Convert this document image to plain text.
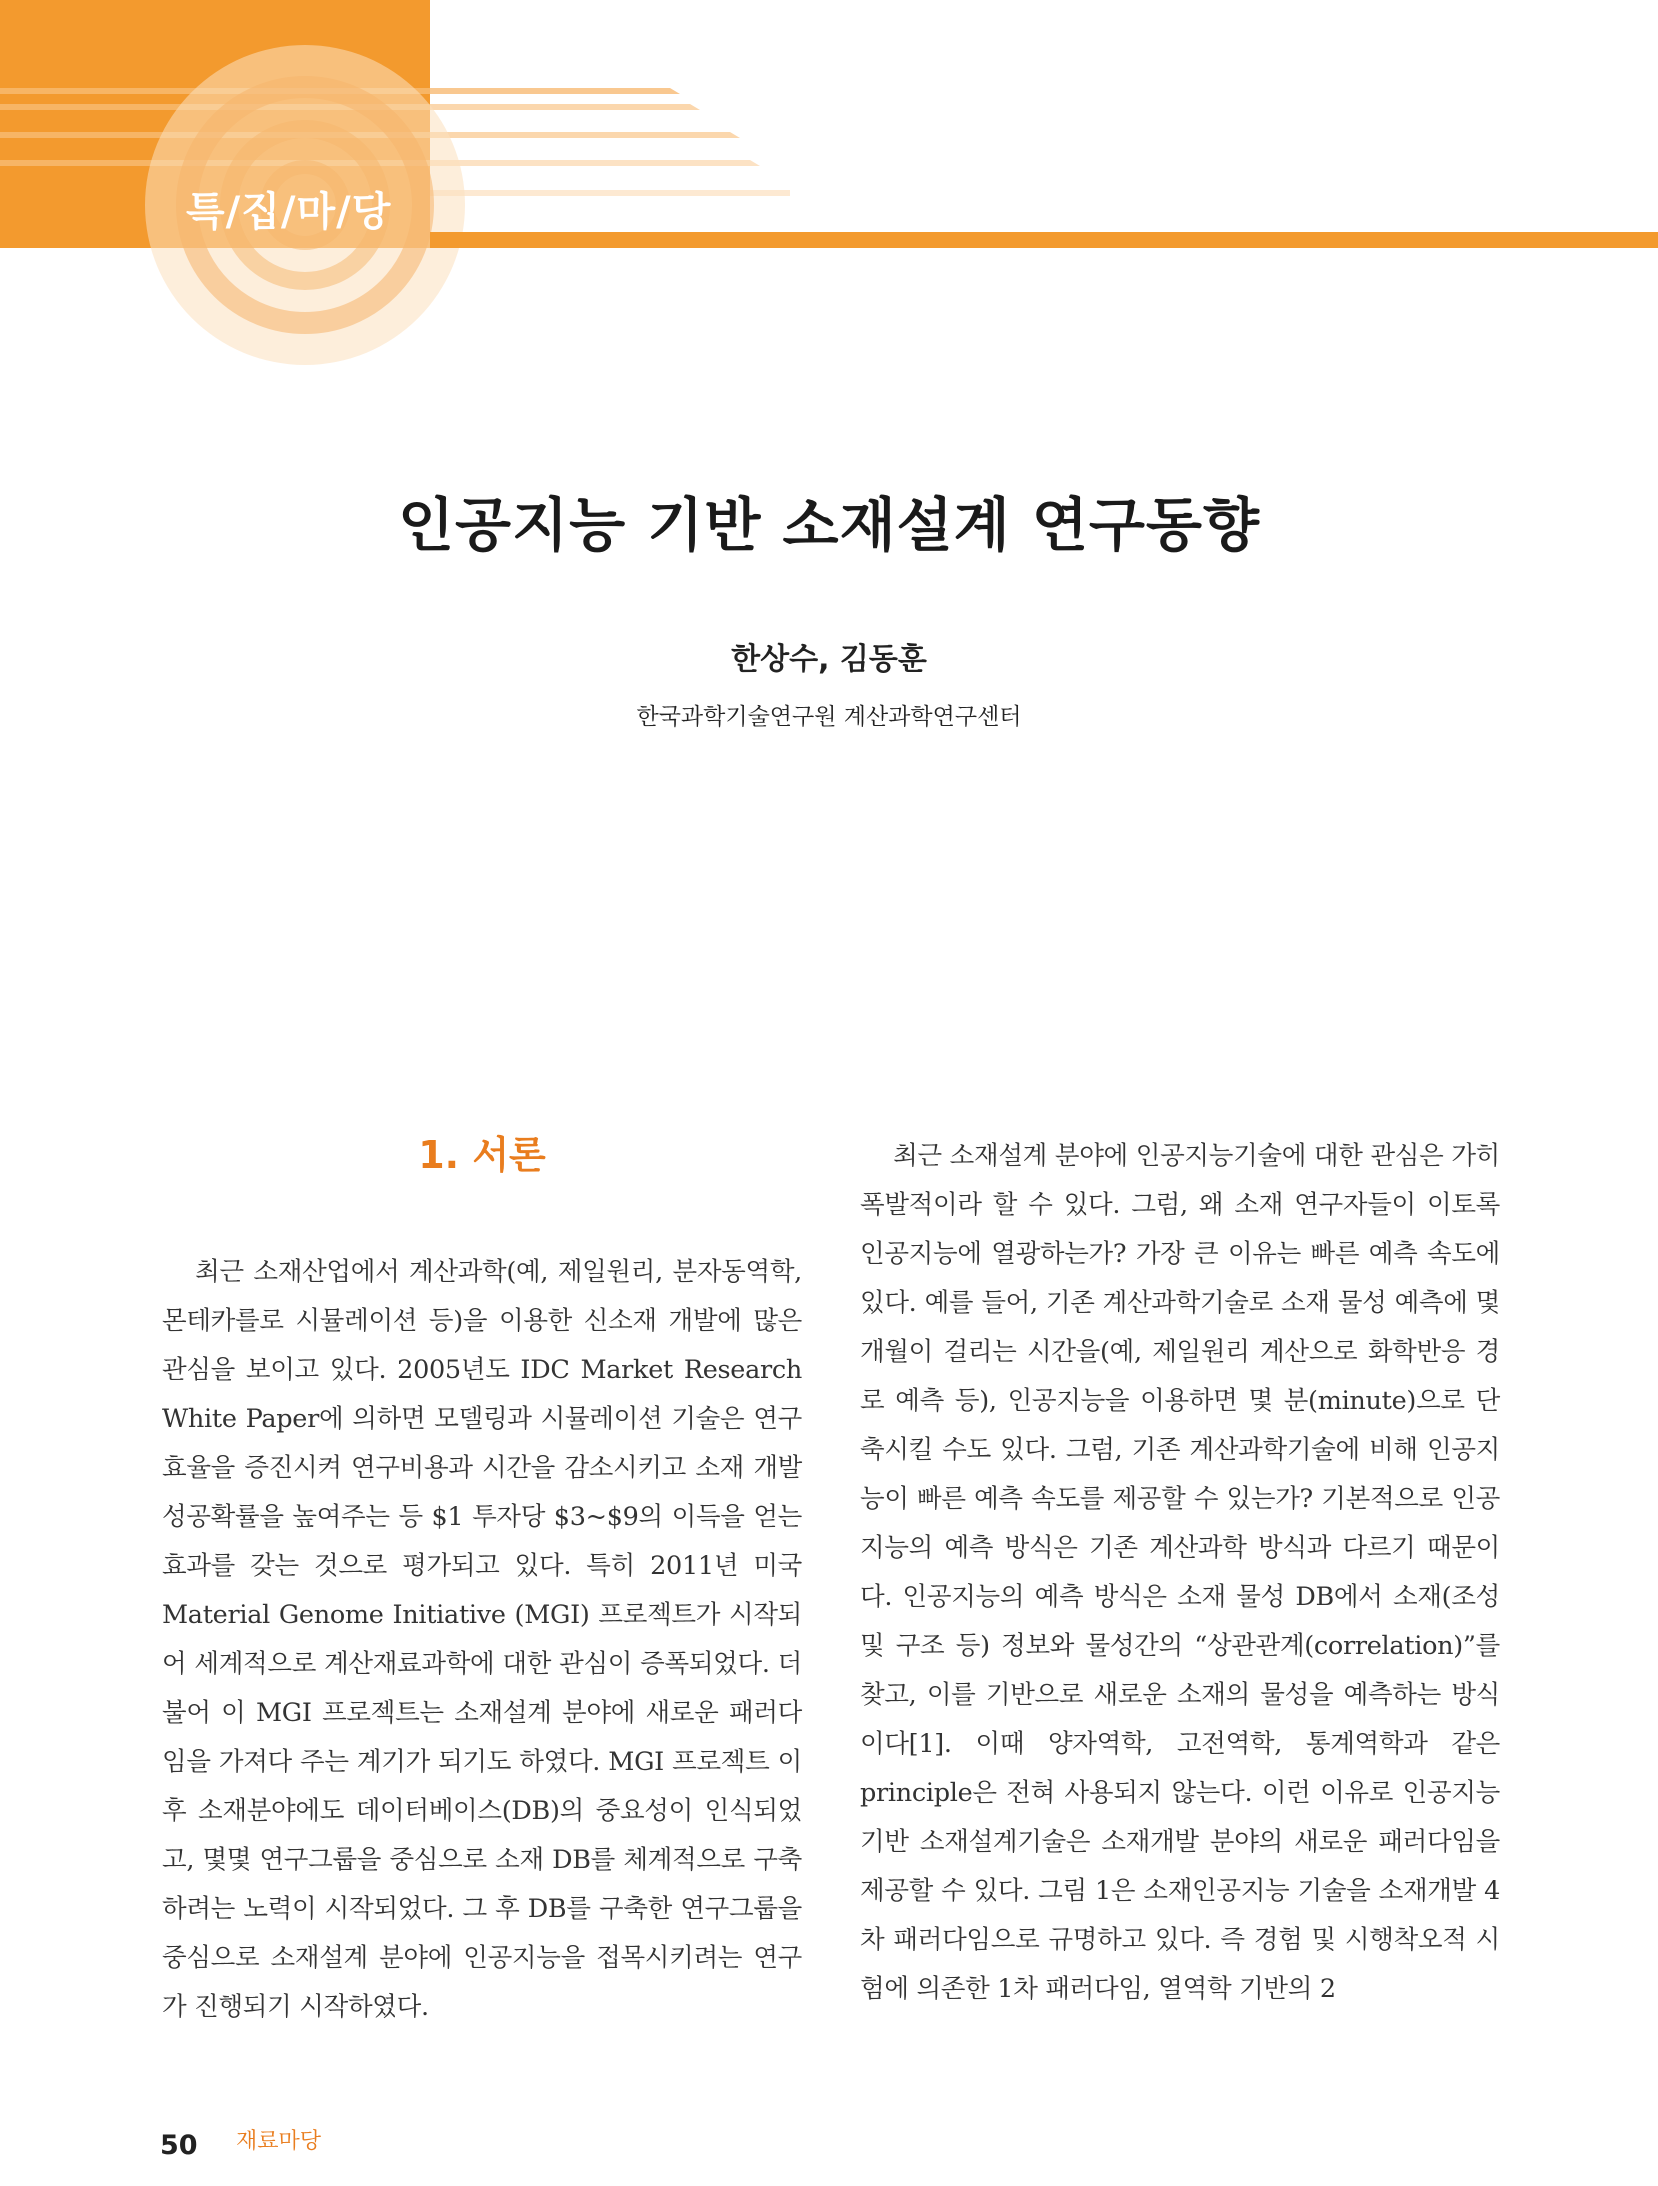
특/집/마/당
인공지능 기반 소재설계 연구동향
한상수, 김동훈
한국과학기술연구원 계산과학연구센터
1. 서론

최근 소재산업에서 계산과학(예, 제일원리, 분자동역학, 몬테카를로 시뮬레이션 등)을 이용한 신소재 개발에 많은 관심을 보이고 있다. 2005년도 IDC Market Research White Paper에 의하면 모델링과 시뮬레이션 기술은 연구효율을 증진시켜 연구비용과 시간을 감소시키고 소재 개발 성공확률을 높여주는 등 $1 투자당 $3~$9의 이득을 얻는 효과를 갖는 것으로 평가되고 있다. 특히 2011년 미국 Material Genome Initiative (MGI) 프로젝트가 시작되어 세계적으로 계산재료과학에 대한 관심이 증폭되었다. 더불어 이 MGI 프로젝트는 소재설계 분야에 새로운 패러다임을 가져다 주는 계기가 되기도 하였다. MGI 프로젝트 이후 소재분야에도 데이터베이스(DB)의 중요성이 인식되었고, 몇몇 연구그룹을 중심으로 소재 DB를 체계적으로 구축하려는 노력이 시작되었다. 그 후 DB를 구축한 연구그룹을 중심으로 소재설계 분야에 인공지능을 접목시키려는 연구가 진행되기 시작하였다.

최근 소재설계 분야에 인공지능기술에 대한 관심은 가히 폭발적이라 할 수 있다. 그럼, 왜 소재 연구자들이 이토록 인공지능에 열광하는가? 가장 큰 이유는 빠른 예측 속도에 있다. 예를 들어, 기존 계산과학기술로 소재 물성 예측에 몇 개월이 걸리는 시간을(예, 제일원리 계산으로 화학반응 경로 예측 등), 인공지능을 이용하면 몇 분(minute)으로 단축시킬 수도 있다. 그럼, 기존 계산과학기술에 비해 인공지능이 빠른 예측 속도를 제공할 수 있는가? 기본적으로 인공지능의 예측 방식은 기존 계산과학 방식과 다르기 때문이다. 인공지능의 예측 방식은 소재 물성 DB에서 소재(조성 및 구조 등) 정보와 물성간의 “상관관계(correlation)”를 찾고, 이를 기반으로 새로운 소재의 물성을 예측하는 방식이다[1]. 이때 양자역학, 고전역학, 통계역학과 같은 principle은 전혀 사용되지 않는다. 이런 이유로 인공지능 기반 소재설계기술은 소재개발 분야의 새로운 패러다임을 제공할 수 있다. 그림 1은 소재인공지능 기술을 소재개발 4차 패러다임으로 규명하고 있다. 즉 경험 및 시행착오적 시험에 의존한 1차 패러다임, 열역학 기반의 2

50 재료마당
